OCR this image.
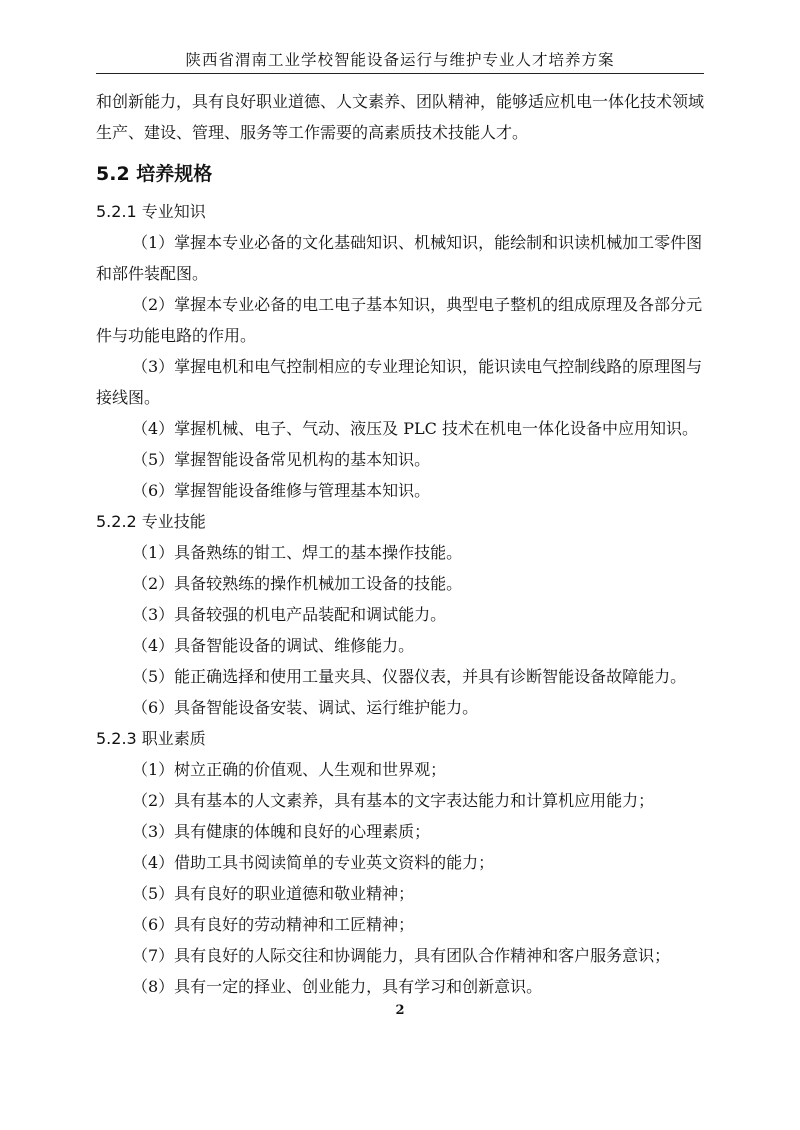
陕西省渭南工业学校智能设备运行与维护专业人才培养方案
和创新能力，具有良好职业道德、人文素养、团队精神，能够适应机电一体化技术领域
生产、建设、管理、服务等工作需要的高素质技术技能人才。
5.2 培养规格
5.2.1 专业知识
（1）掌握本专业必备的文化基础知识、机械知识，能绘制和识读机械加工零件图
和部件装配图。
（2）掌握本专业必备的电工电子基本知识，典型电子整机的组成原理及各部分元
件与功能电路的作用。
（3）掌握电机和电气控制相应的专业理论知识，能识读电气控制线路的原理图与
接线图。
（4）掌握机械、电子、气动、液压及 PLC 技术在机电一体化设备中应用知识。
（5）掌握智能设备常见机构的基本知识。
（6）掌握智能设备维修与管理基本知识。
5.2.2 专业技能
（1）具备熟练的钳工、焊工的基本操作技能。
（2）具备较熟练的操作机械加工设备的技能。
（3）具备较强的机电产品装配和调试能力。
（4）具备智能设备的调试、维修能力。
（5）能正确选择和使用工量夹具、仪器仪表，并具有诊断智能设备故障能力。
（6）具备智能设备安装、调试、运行维护能力。
5.2.3 职业素质
（1）树立正确的价值观、人生观和世界观；
（2）具有基本的人文素养，具有基本的文字表达能力和计算机应用能力；
（3）具有健康的体魄和良好的心理素质；
（4）借助工具书阅读简单的专业英文资料的能力；
（5）具有良好的职业道德和敬业精神；
（6）具有良好的劳动精神和工匠精神；
（7）具有良好的人际交往和协调能力，具有团队合作精神和客户服务意识；
（8）具有一定的择业、创业能力，具有学习和创新意识。
2
